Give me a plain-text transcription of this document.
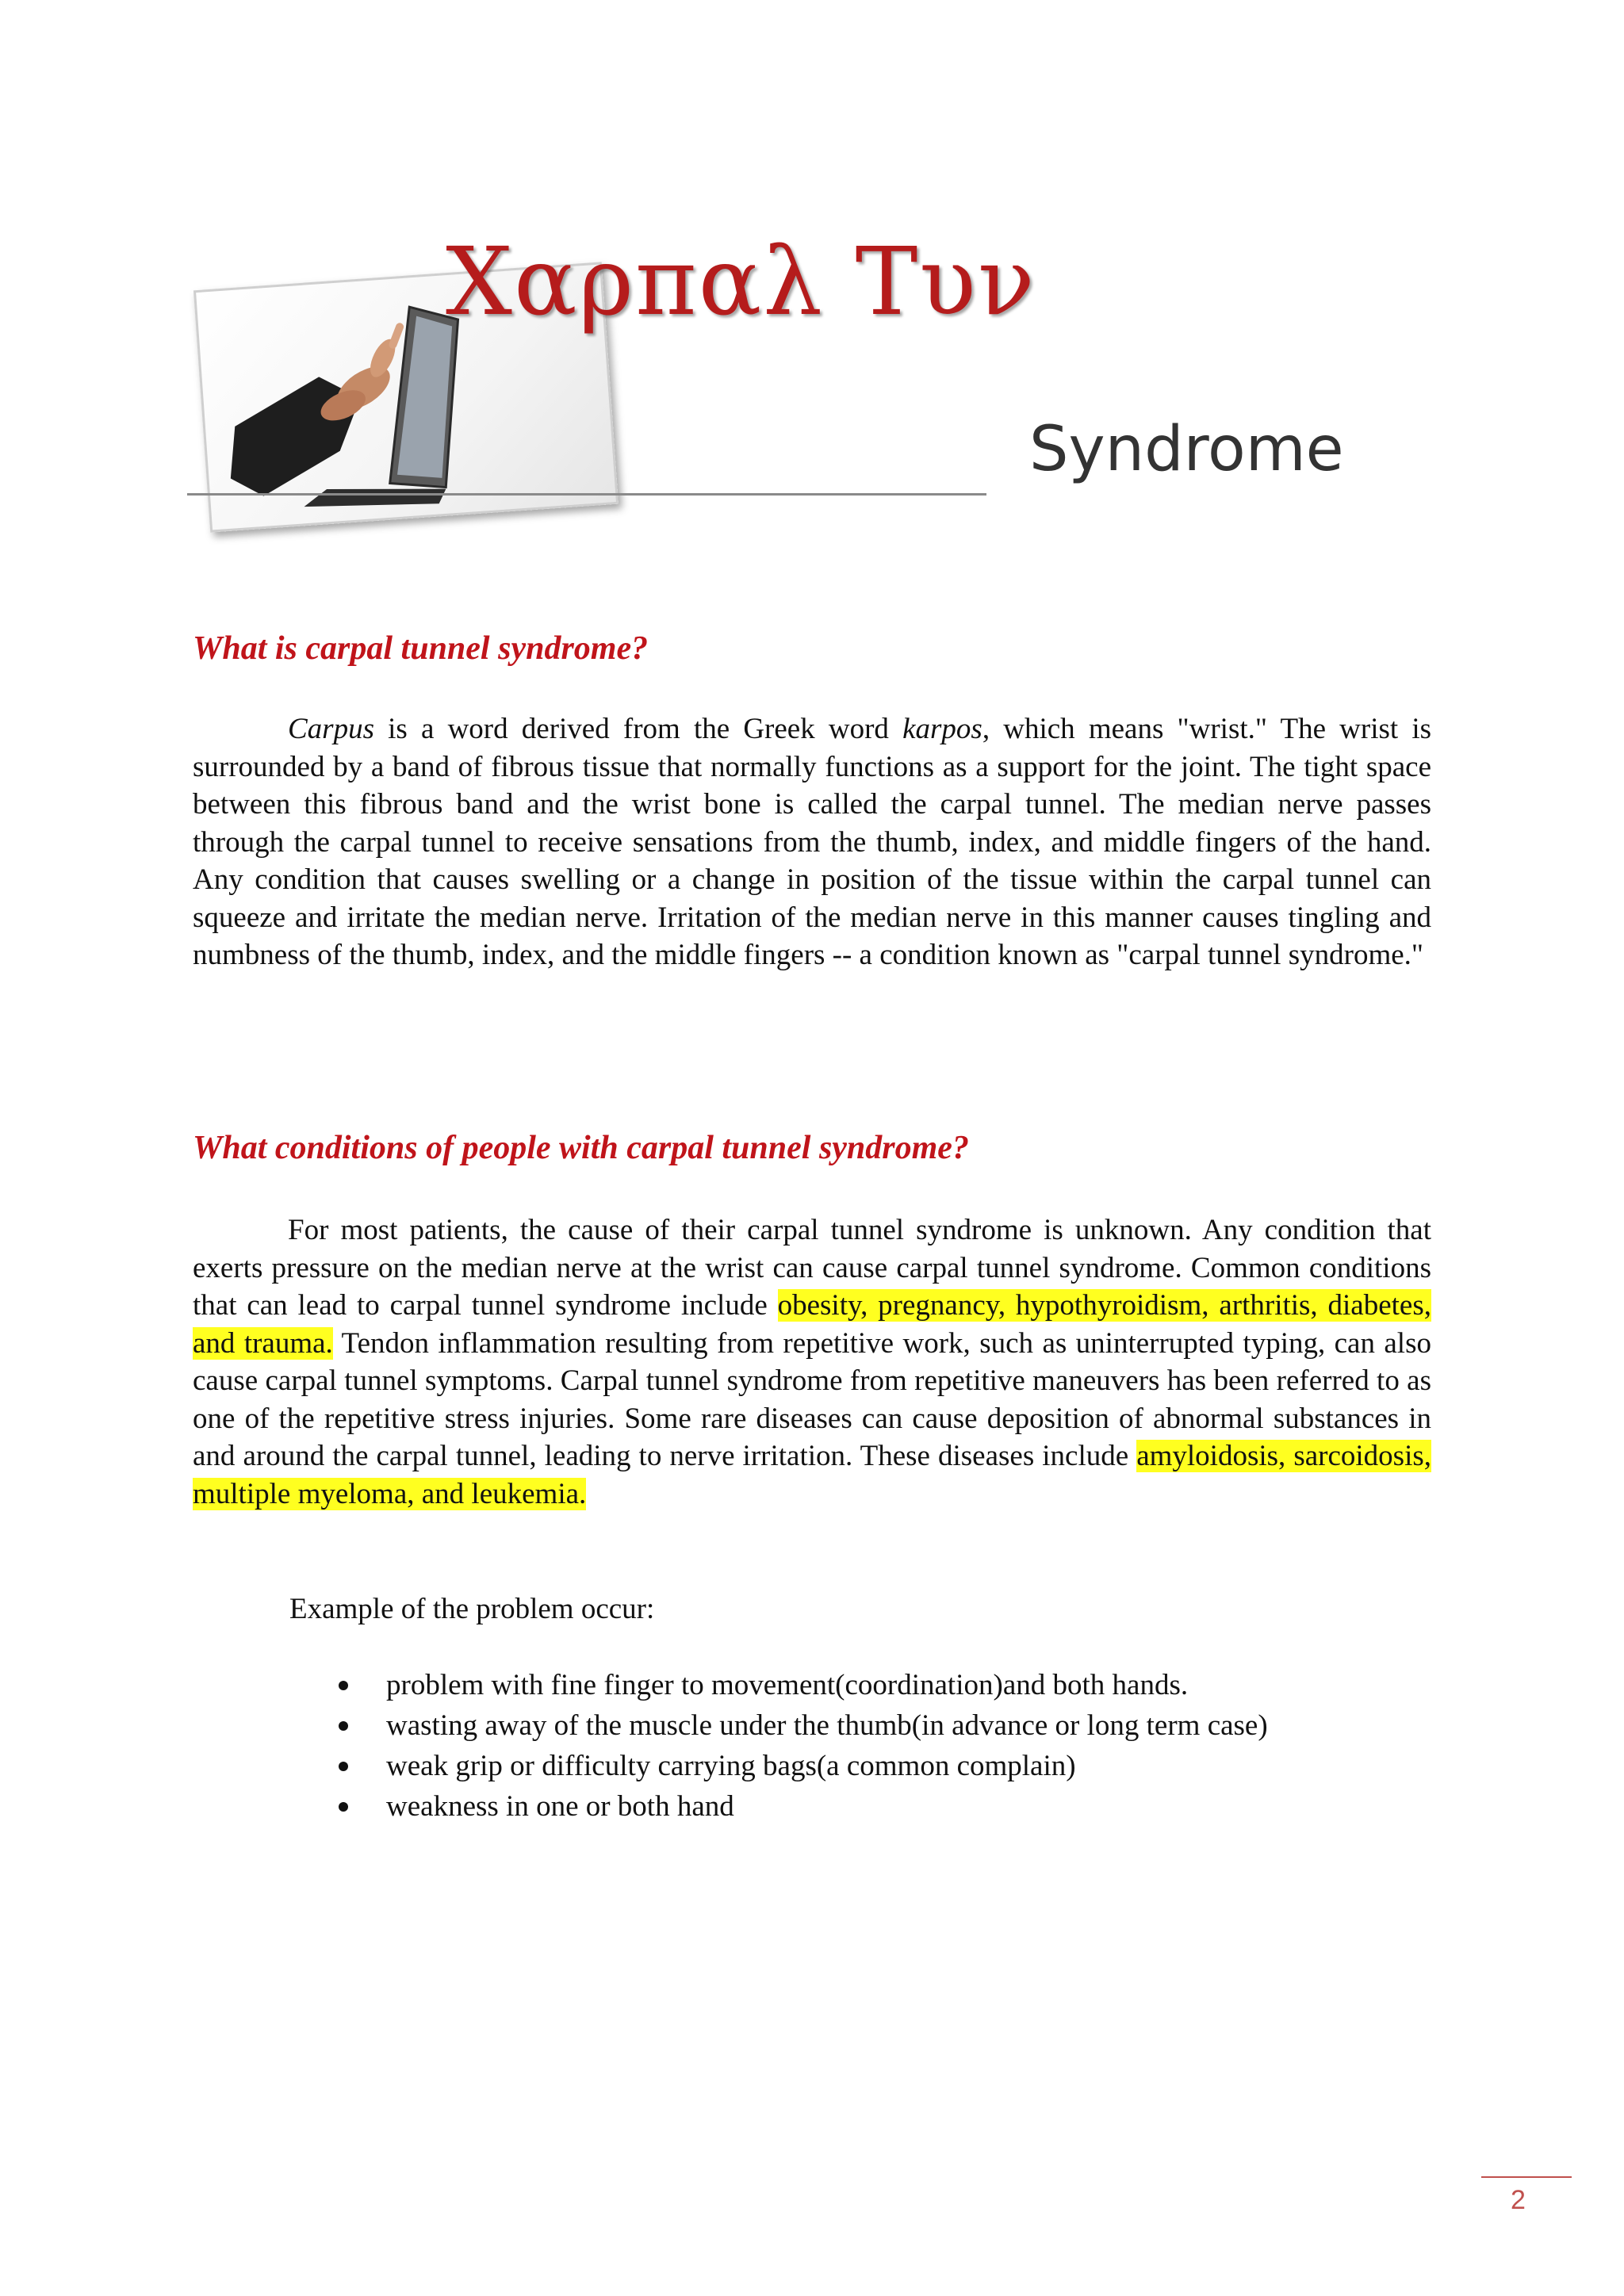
Χαρπαλ Τυν
Syndrome
What is carpal tunnel syndrome?

Carpus is a word derived from the Greek word karpos, which means "wrist." The wrist is surrounded by a band of fibrous tissue that normally functions as a support for the joint. The tight space between this fibrous band and the wrist bone is called the carpal tunnel. The median nerve passes through the carpal tunnel to receive sensations from the thumb, index, and middle fingers of the hand. Any condition that causes swelling or a change in position of the tissue within the carpal tunnel can squeeze and irritate the median nerve. Irritation of the median nerve in this manner causes tingling and numbness of the thumb, index, and the middle fingers -- a condition known as "carpal tunnel syndrome."

What conditions of people with carpal tunnel syndrome?

For most patients, the cause of their carpal tunnel syndrome is unknown. Any condition that exerts pressure on the median nerve at the wrist can cause carpal tunnel syndrome. Common conditions that can lead to carpal tunnel syndrome include obesity, pregnancy, hypothyroidism, arthritis, diabetes, and trauma. Tendon inflammation resulting from repetitive work, such as uninterrupted typing, can also cause carpal tunnel symptoms. Carpal tunnel syndrome from repetitive maneuvers has been referred to as one of the repetitive stress injuries. Some rare diseases can cause deposition of abnormal substances in and around the carpal tunnel, leading to nerve irritation. These diseases include amyloidosis, sarcoidosis, multiple myeloma, and leukemia.

Example of the problem occur:

problem with fine finger to movement(coordination)and both hands.
wasting away of the muscle under the thumb(in advance or long term case)
weak grip or difficulty carrying bags(a common complain)
weakness in one or both hand
2
